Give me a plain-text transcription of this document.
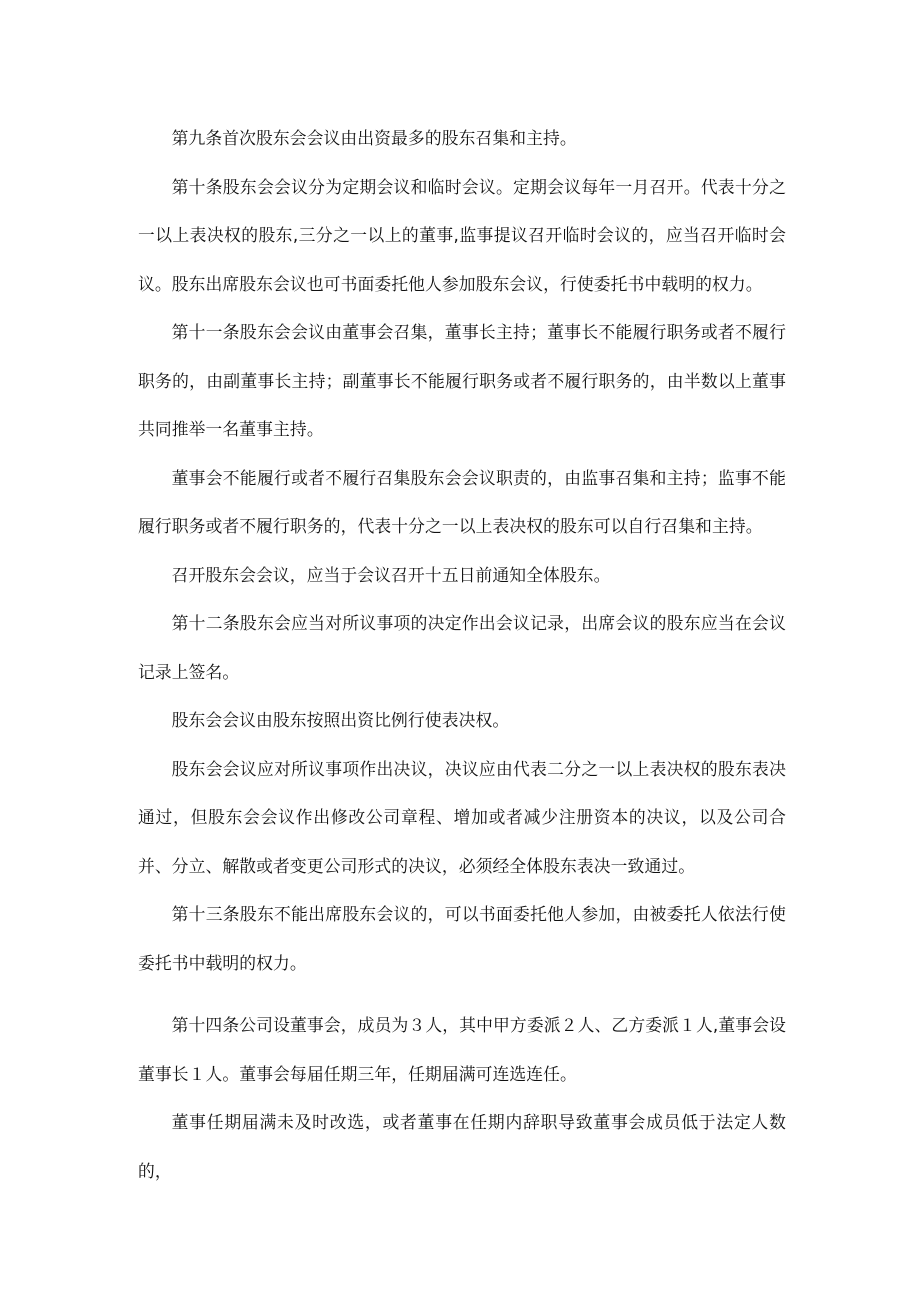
第九条首次股东会会议由出资最多的股东召集和主持。

第十条股东会会议分为定期会议和临时会议。定期会议每年一月召开。代表十分之一以上表决权的股东,三分之一以上的董事,监事提议召开临时会议的，应当召开临时会议。股东出席股东会议也可书面委托他人参加股东会议，行使委托书中载明的权力。

第十一条股东会会议由董事会召集，董事长主持；董事长不能履行职务或者不履行职务的，由副董事长主持；副董事长不能履行职务或者不履行职务的，由半数以上董事共同推举一名董事主持。

董事会不能履行或者不履行召集股东会会议职责的，由监事召集和主持；监事不能履行职务或者不履行职务的，代表十分之一以上表决权的股东可以自行召集和主持。

召开股东会会议，应当于会议召开十五日前通知全体股东。

第十二条股东会应当对所议事项的决定作出会议记录，出席会议的股东应当在会议记录上签名。

股东会会议由股东按照出资比例行使表决权。

股东会会议应对所议事项作出决议，决议应由代表二分之一以上表决权的股东表决通过，但股东会会议作出修改公司章程、增加或者减少注册资本的决议，以及公司合并、分立、解散或者变更公司形式的决议，必须经全体股东表决一致通过。

第十三条股东不能出席股东会议的，可以书面委托他人参加，由被委托人依法行使委托书中载明的权力。

第十四条公司设董事会，成员为３人，其中甲方委派２人、乙方委派１人,董事会设董事长１人。董事会每届任期三年，任期届满可连选连任。

董事任期届满未及时改选，或者董事在任期内辞职导致董事会成员低于法定人数的，
